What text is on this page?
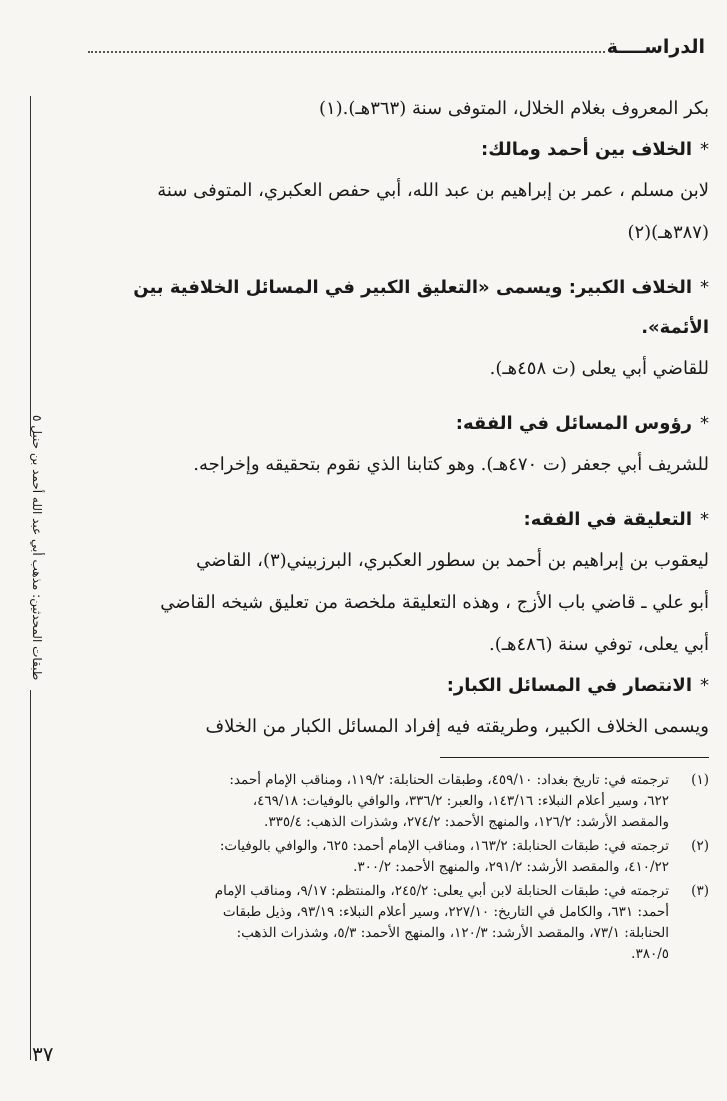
الدراســــة
طبقات المحدثين: مذهب أبي عبد الله أحمد بن حنبل ٥

بكر المعروف بغلام الخلال، المتوفى سنة (٣٦٣هـ).(١)

*الخلاف بين أحمد ومالك:

لابن مسلم ، عمر بن إبراهيم بن عبد الله، أبي حفص العكبري، المتوفى سنة

(٣٨٧هـ)(٢)

*الخلاف الكبير: ويسمى «التعليق الكبير في المسائل الخلافية بين الأئمة».

للقاضي أبي يعلى (ت ٤٥٨هـ).

*رؤوس المسائل في الفقه:

للشريف أبي جعفر (ت ٤٧٠هـ). وهو كتابنا الذي نقوم بتحقيقه وإخراجه.

*التعليقة في الفقه:

ليعقوب بن إبراهيم بن أحمد بن سطور العكبري، البرزبيني(٣)، القاضي

أبو علي ـ قاضي باب الأزج ، وهذه التعليقة ملخصة من تعليق شيخه القاضي

أبي يعلى، توفي سنة (٤٨٦هـ).

*الانتصار في المسائل الكبار:

ويسمى الخلاف الكبير، وطريقته فيه إفراد المسائل الكبار من الخلاف

(١)
ترجمته في: تاريخ بغداد: ٤٥٩/١٠، وطبقات الحنابلة: ١١٩/٢، ومناقب الإمام أحمد:
٦٢٢، وسير أعلام النبلاء: ١٤٣/١٦، والعبر: ٣٣٦/٢، والوافي بالوفيات: ٤٦٩/١٨،
والمقصد الأرشد: ١٢٦/٢، والمنهج الأحمد: ٢٧٤/٢، وشذرات الذهب: ٣٣٥/٤.
(٢)
ترجمته في: طبقات الحنابلة: ١٦٣/٢، ومناقب الإمام أحمد: ٦٢٥، والوافي بالوفيات:
٤١٠/٢٢، والمقصد الأرشد: ٢٩١/٢، والمنهج الأحمد: ٣٠٠/٢.
(٣)
ترجمته في: طبقات الحنابلة لابن أبي يعلى: ٢٤٥/٢، والمنتظم: ٩/١٧، ومناقب الإمام
أحمد: ٦٣١، والكامل في التاريخ: ٢٢٧/١٠، وسير أعلام النبلاء: ٩٣/١٩، وذيل طبقات
الحنابلة: ٧٣/١، والمقصد الأرشد: ١٢٠/٣، والمنهج الأحمد: ٥/٣، وشذرات الذهب:
٣٨٠/٥.
٣٧
